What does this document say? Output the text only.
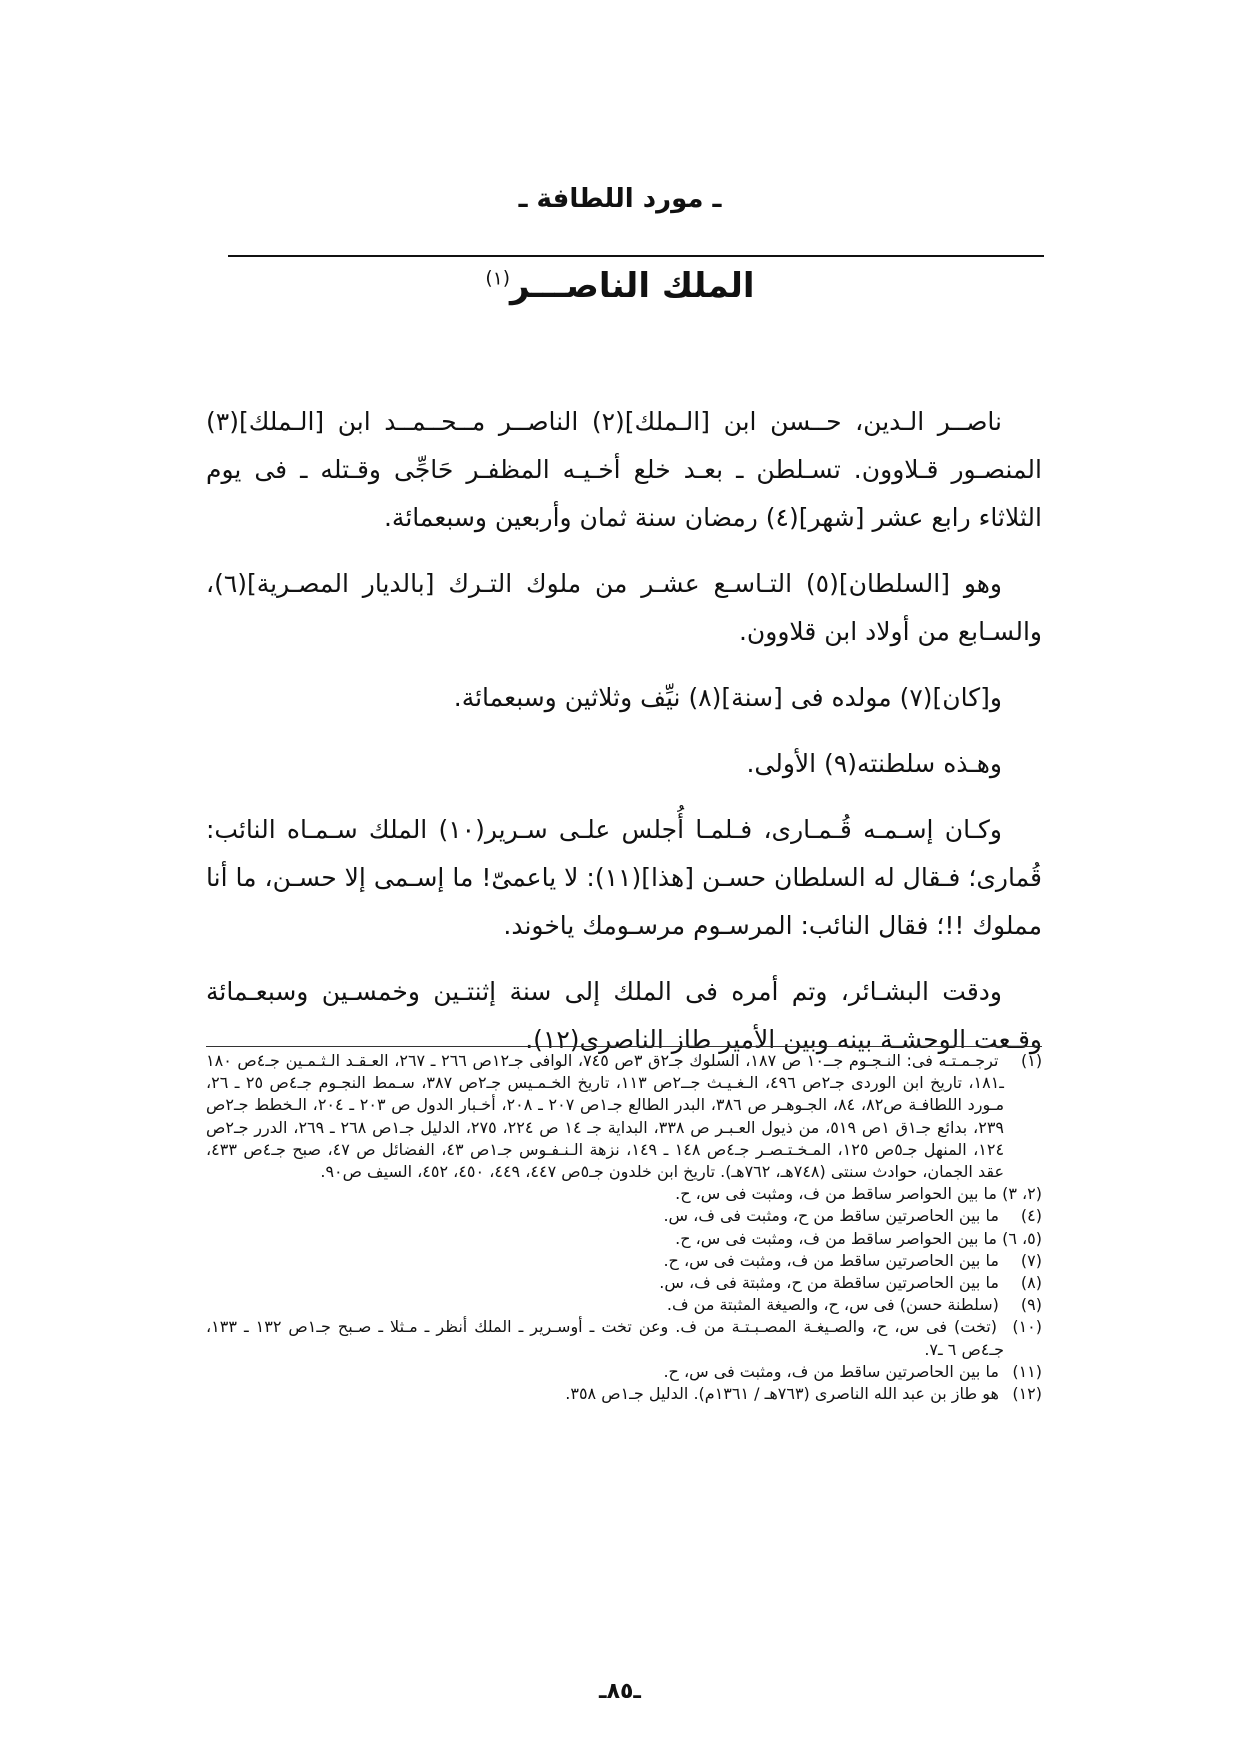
ـ مورد اللطافة ـ
الملك الناصـــر$^{(١)}$

ناصــر الـدين، حــسن ابن [الـملك](٢) الناصــر مــحــمــد ابن [الـملك](٣) المنصـور قـلاوون. تسـلطن ـ بعـد خلع أخـيـه المظفـر حَاجِّى وقـتله ـ فى يوم الثلاثاء رابع عشر [شهر](٤) رمضان سنة ثمان وأربعين وسبعمائة.

وهو [السلطان](٥) التـاسـع عشـر من ملوك التـرك [بالديار المصـرية](٦)، والسـابع من أولاد ابن قلاوون.

و[كان](٧) مولده فى [سنة](٨) نيِّف وثلاثين وسبعمائة.

وهـذه سلطنته(٩) الأولى.

وكـان إسـمـه قُـمـارى، فـلمـا أُجلس علـى سـرير(١٠) الملك سـمـاه النائب: قُمارى؛ فـقال له السلطان حسـن [هذا](١١): لا ياعمىّ! ما إسـمى إلا حسـن، ما أنا مملوك !!؛ فقال النائب: المرسـوم مرسـومك ياخوند.

ودقت البشـائر، وتم أمره فى الملك إلى سنة إثنتـين وخمسـين وسبعـمائة وقـعت الوحشـة بينه وبين الأمير طاز الناصرى(١٢).

(١) ترجـمـتـه فى: النـجـوم جــ١٠ ص ١٨٧، السلوك جـ٢ق ٣ص ٧٤٥، الوافى جـ١٢ص ٢٦٦ ـ ٢٦٧، العـقـد الـثـمـين جـ٤ص ١٨٠ ـ١٨١، تاريخ ابن الوردى جـ٢ص ٤٩٦، الـغـيـث جــ٢ص ١١٣، تاريخ الخـمـيس جـ٢ص ٣٨٧، سـمط النجـوم جـ٤ص ٢٥ ـ ٢٦، مـورد اللطافـة ص٨٢، ٨٤، الجـوهـر ص ٣٨٦، البدر الطالع جـ١ص ٢٠٧ ـ ٢٠٨، أخـبار الدول ص ٢٠٣ ـ ٢٠٤، الـخطط جـ٢ص ٢٣٩، بدائع جـ١ق ١ص ٥١٩، من ذيول العـبـر ص ٣٣٨، البداية جـ ١٤ ص ٢٢٤، ٢٧٥، الدليل جـ١ص ٢٦٨ ـ ٢٦٩، الدرر جـ٢ص ١٢٤، المنهل جـ٥ص ١٢٥، المـخـتـصـر جـ٤ص ١٤٨ ـ ١٤٩، نزهة الـنـفـوس جـ١ص ٤٣، الفضائل ص ٤٧، صبح جـ٤ص ٤٣٣، عقد الجمان، حوادث سنتى (٧٤٨هـ، ٧٦٢هـ). تاريخ ابن خلدون جـ٥ص ٤٤٧، ٤٤٩، ٤٥٠، ٤٥٢، السيف ص٩٠.

(٢، ٣) ما بين الحواصر ساقط من ف، ومثبت فى س، ح.

(٤) ما بين الحاصرتين ساقط من ح، ومثبت فى ف، س.

(٥، ٦) ما بين الحواصر ساقط من ف، ومثبت فى س، ح.

(٧) ما بين الحاصرتين ساقط من ف، ومثبت فى س، ح.

(٨) ما بين الحاصرتين ساقطة من ح، ومثبتة فى ف، س.

(٩) (سلطنة حسن) فى س، ح، والصيغة المثبتة من ف.

(١٠) (تخت) فى س، ح، والصـيغـة المصـبـتـة من ف. وعن تخت ـ أوسـرير ـ الملك أنظر ـ مـثلا ـ صـبح جـ١ص ١٣٢ ـ ١٣٣، جـ٤ص ٦ ـ٧.

(١١) ما بين الحاصرتين ساقط من ف، ومثبت فى س، ح.

(١٢) هو طاز بن عبد الله الناصرى (٧٦٣هـ / ١٣٦١م). الدليل جـ١ص ٣٥٨.

ـ٨٥ـ
